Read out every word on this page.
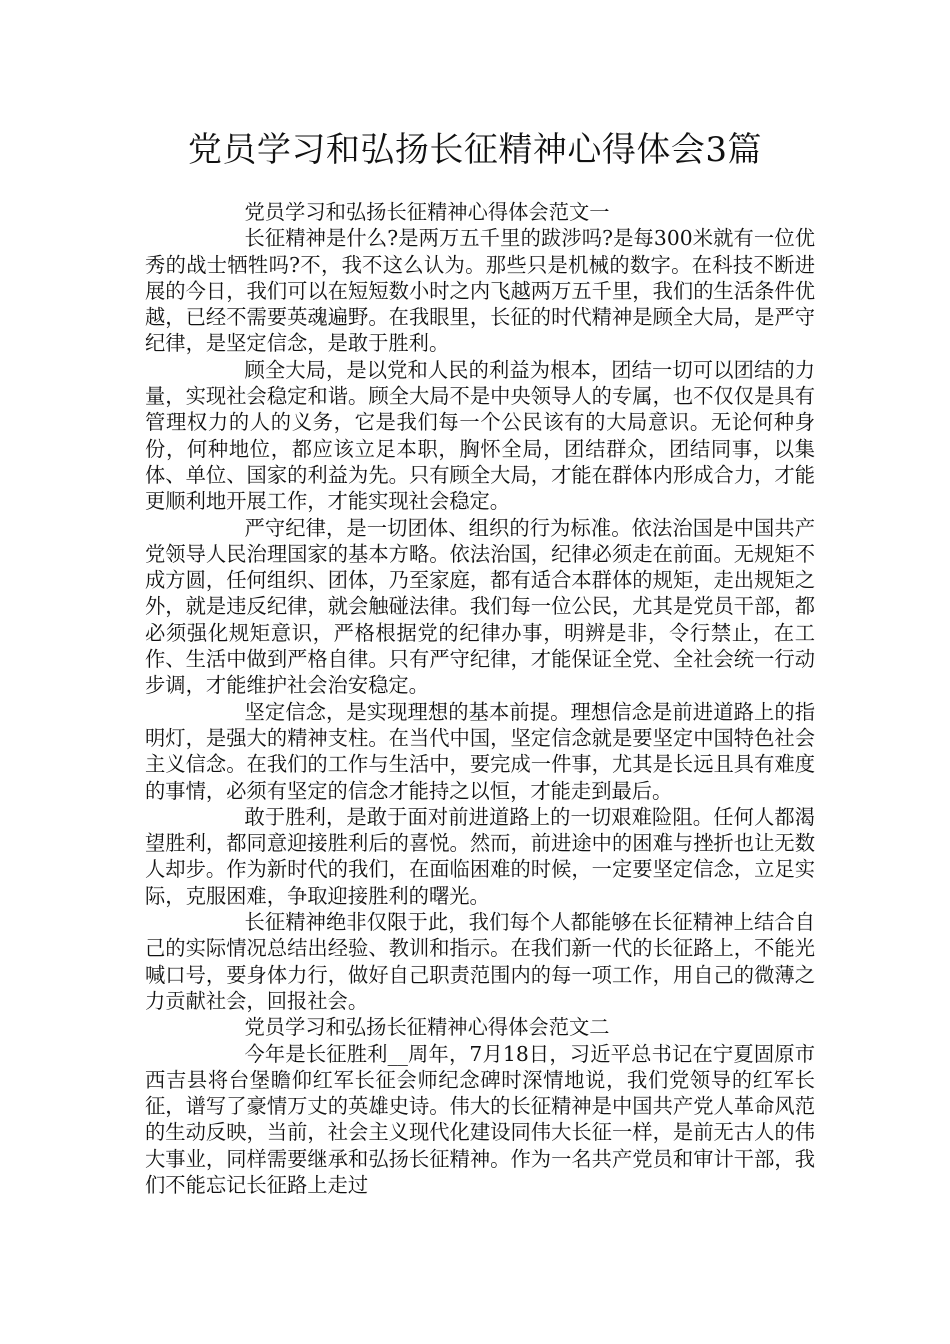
党员学习和弘扬长征精神心得体会3篇

党员学习和弘扬长征精神心得体会范文一

长征精神是什么?是两万五千里的跋涉吗?是每300米就有一位优秀的战士牺牲吗?不，我不这么认为。那些只是机械的数字。在科技不断进展的今日，我们可以在短短数小时之内飞越两万五千里，我们的生活条件优越，已经不需要英魂遍野。在我眼里，长征的时代精神是顾全大局，是严守纪律，是坚定信念，是敢于胜利。

顾全大局，是以党和人民的利益为根本，团结一切可以团结的力量，实现社会稳定和谐。顾全大局不是中央领导人的专属，也不仅仅是具有管理权力的人的义务，它是我们每一个公民该有的大局意识。无论何种身份，何种地位，都应该立足本职，胸怀全局，团结群众，团结同事，以集体、单位、国家的利益为先。只有顾全大局，才能在群体内形成合力，才能更顺利地开展工作，才能实现社会稳定。

严守纪律，是一切团体、组织的行为标准。依法治国是中国共产党领导人民治理国家的基本方略。依法治国，纪律必须走在前面。无规矩不成方圆，任何组织、团体，乃至家庭，都有适合本群体的规矩，走出规矩之外，就是违反纪律，就会触碰法律。我们每一位公民，尤其是党员干部，都必须强化规矩意识，严格根据党的纪律办事，明辨是非，令行禁止，在工作、生活中做到严格自律。只有严守纪律，才能保证全党、全社会统一行动步调，才能维护社会治安稳定。

坚定信念，是实现理想的基本前提。理想信念是前进道路上的指明灯，是强大的精神支柱。在当代中国，坚定信念就是要坚定中国特色社会主义信念。在我们的工作与生活中，要完成一件事，尤其是长远且具有难度的事情，必须有坚定的信念才能持之以恒，才能走到最后。

敢于胜利，是敢于面对前进道路上的一切艰难险阻。任何人都渴望胜利，都同意迎接胜利后的喜悦。然而，前进途中的困难与挫折也让无数人却步。作为新时代的我们，在面临困难的时候，一定要坚定信念，立足实际，克服困难，争取迎接胜利的曙光。

长征精神绝非仅限于此，我们每个人都能够在长征精神上结合自己的实际情况总结出经验、教训和指示。在我们新一代的长征路上，不能光喊口号，要身体力行，做好自己职责范围内的每一项工作，用自己的微薄之力贡献社会，回报社会。

党员学习和弘扬长征精神心得体会范文二

今年是长征胜利__周年，7月18日，习近平总书记在宁夏固原市西吉县将台堡瞻仰红军长征会师纪念碑时深情地说，我们党领导的红军长征，谱写了豪情万丈的英雄史诗。伟大的长征精神是中国共产党人革命风范的生动反映，当前，社会主义现代化建设同伟大长征一样，是前无古人的伟大事业，同样需要继承和弘扬长征精神。作为一名共产党员和审计干部，我们不能忘记长征路上走过
